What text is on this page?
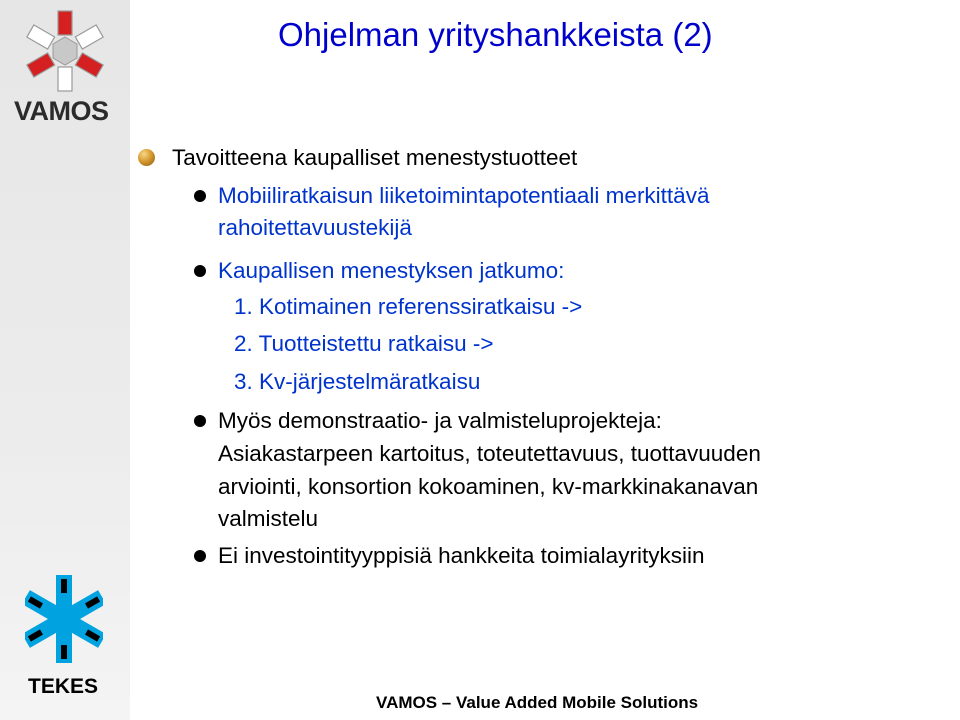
VAMOS
TEKES
Ohjelman yrityshankkeista (2)
Tavoitteena kaupalliset menestystuotteet
Mobiiliratkaisun liiketoimintapotentiaali merkittävä
rahoitettavuustekijä
Kaupallisen menestyksen jatkumo:
1. Kotimainen referenssiratkaisu ->
2. Tuotteistettu ratkaisu ->
3. Kv-järjestelmäratkaisu
Myös demonstraatio- ja valmisteluprojekteja:
Asiakastarpeen kartoitus, toteutettavuus, tuottavuuden
arviointi, konsortion kokoaminen, kv-markkinakanavan
valmistelu
Ei investointityyppisiä hankkeita toimialayrityksiin
VAMOS – Value Added Mobile Solutions
